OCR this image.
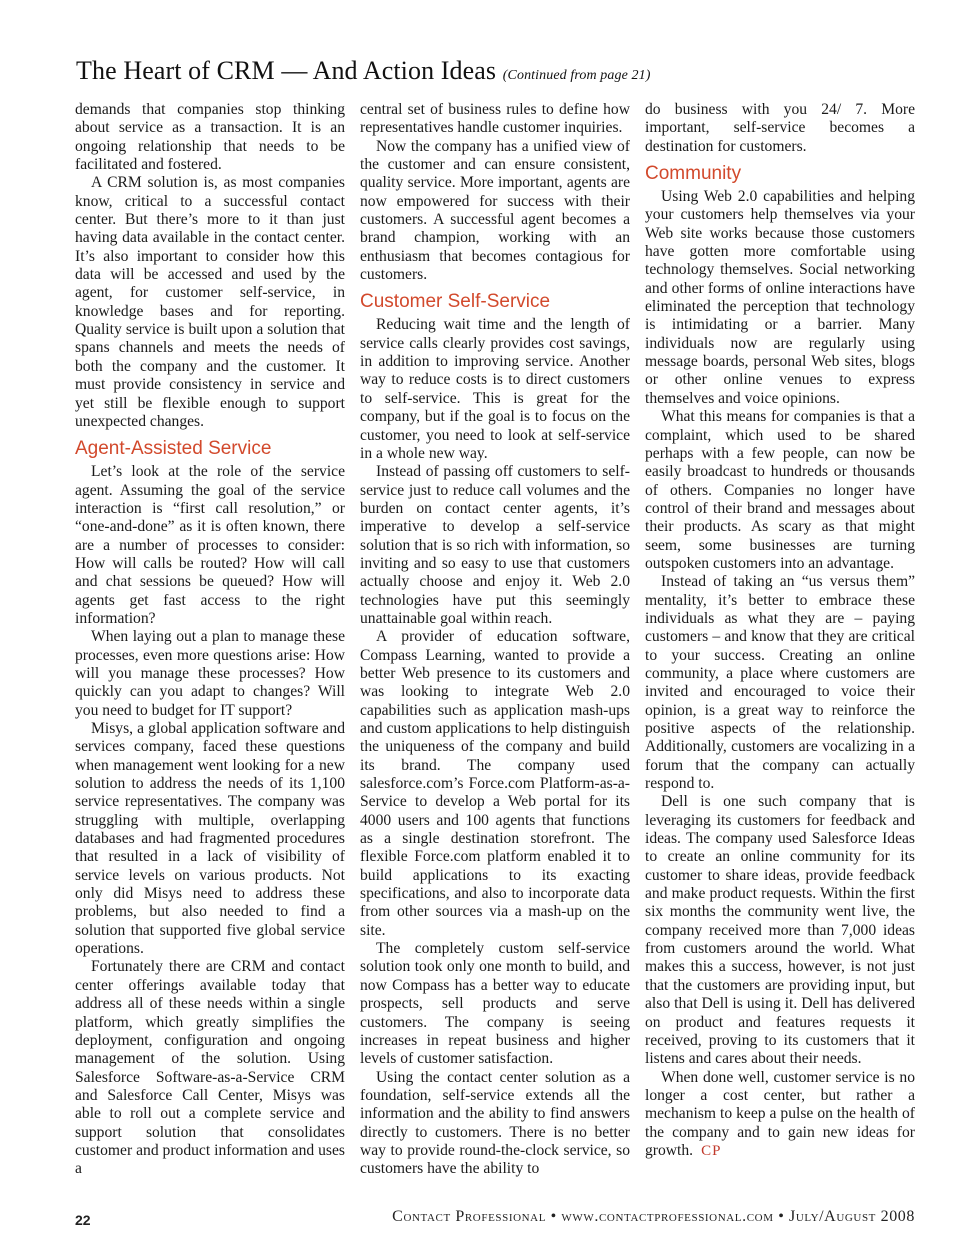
The Heart of CRM — And Action Ideas (Continued from page 21)

demands that companies stop thinking about service as a transaction. It is an ongoing relationship that needs to be facilitated and fostered.

A CRM solution is, as most companies know, critical to a successful contact center. But there’s more to it than just having data available in the contact center. It’s also important to consider how this data will be accessed and used by the agent, for customer self-service, in knowledge bases and for reporting. Quality service is built upon a solution that spans channels and meets the needs of both the company and the customer. It must provide consistency in service and yet still be flexible enough to support unexpected changes.

Agent-Assisted Service

Let’s look at the role of the service agent. Assuming the goal of the service interaction is “first call resolution,” or “one-and-done” as it is often known, there are a number of processes to consider: How will calls be routed? How will call and chat sessions be queued? How will agents get fast access to the right information?

When laying out a plan to manage these processes, even more questions arise: How will you manage these processes? How quickly can you adapt to changes? Will you need to budget for IT support?

Misys, a global application software and services company, faced these questions when management went looking for a new solution to address the needs of its 1,100 service representatives. The company was struggling with multiple, overlapping databases and had fragmented procedures that resulted in a lack of visibility of service levels on various products. Not only did Misys need to address these problems, but also needed to find a solution that supported five global service operations.

Fortunately there are CRM and contact center offerings available today that address all of these needs within a single platform, which greatly simplifies the deployment, configuration and ongoing management of the solution. Using Salesforce Software-as-a-Service CRM and Salesforce Call Center, Misys was able to roll out a complete service and support solution that consolidates customer and product information and uses a

central set of business rules to define how representatives handle customer inquiries.

Now the company has a unified view of the customer and can ensure consistent, quality service. More important, agents are now empowered for success with their customers. A successful agent becomes a brand champion, working with an enthusiasm that becomes contagious for customers.

Customer Self-Service

Reducing wait time and the length of service calls clearly provides cost savings, in addition to improving service. Another way to reduce costs is to direct customers to self-service. This is great for the company, but if the goal is to focus on the customer, you need to look at self-service in a whole new way.

Instead of passing off customers to self-service just to reduce call volumes and the burden on contact center agents, it’s imperative to develop a self-service solution that is so rich with information, so inviting and so easy to use that customers actually choose and enjoy it. Web 2.0 technologies have put this seemingly unattainable goal within reach.

A provider of education software, Compass Learning, wanted to provide a better Web presence to its customers and was looking to integrate Web 2.0 capabilities such as application mash-ups and custom applications to help distinguish the uniqueness of the company and build its brand. The company used salesforce.com’s Force.com Platform-as-a-Service to develop a Web portal for its 4000 users and 100 agents that functions as a single destination storefront. The flexible Force.com platform enabled it to build applications to its exacting specifications, and also to incorporate data from other sources via a mash-up on the site.

The completely custom self-service solution took only one month to build, and now Compass has a better way to educate prospects, sell products and serve customers. The company is seeing increases in repeat business and higher levels of customer satisfaction.

Using the contact center solution as a foundation, self-service extends all the information and the ability to find answers directly to customers. There is no better way to provide round-the-clock service, so customers have the ability to

do business with you 24/ 7. More important, self-service becomes a destination for customers.

Community

Using Web 2.0 capabilities and helping your customers help themselves via your Web site works because those customers have gotten more comfortable using technology themselves. Social networking and other forms of online interactions have eliminated the perception that technology is intimidating or a barrier. Many individuals now are regularly using message boards, personal Web sites, blogs or other online venues to express themselves and voice opinions.

What this means for companies is that a complaint, which used to be shared perhaps with a few people, can now be easily broadcast to hundreds or thousands of others. Companies no longer have control of their brand and messages about their products. As scary as that might seem, some businesses are turning outspoken customers into an advantage.

Instead of taking an “us versus them” mentality, it’s better to embrace these individuals as what they are – paying customers – and know that they are critical to your success. Creating an online community, a place where customers are invited and encouraged to voice their opinion, is a great way to reinforce the positive aspects of the relationship. Additionally, customers are vocalizing in a forum that the company can actually respond to.

Dell is one such company that is leveraging its customers for feedback and ideas. The company used Salesforce Ideas to create an online community for its customer to share ideas, provide feedback and make product requests. Within the first six months the community went live, the company received more than 7,000 ideas from customers around the world. What makes this a success, however, is not just that the customers are providing input, but also that Dell is using it. Dell has delivered on product and features requests it received, proving to its customers that it listens and cares about their needs.

When done well, customer service is no longer a cost center, but rather a mechanism to keep a pulse on the health of the company and to gain new ideas for growth. CP

22	Contact Professional • www.contactprofessional.com • July/August 2008
